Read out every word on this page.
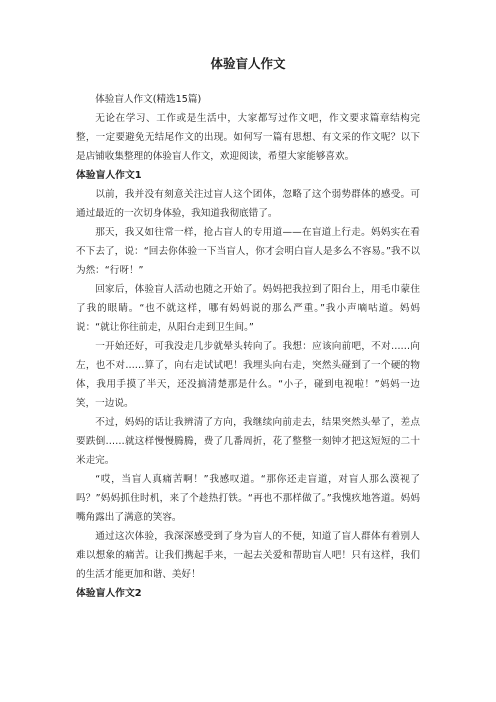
体验盲人作文

体验盲人作文(精选15篇)

无论在学习、工作或是生活中，大家都写过作文吧，作文要求篇章结构完整，一定要避免无结尾作文的出现。如何写一篇有思想、有文采的作文呢？以下是店铺收集整理的体验盲人作文，欢迎阅读，希望大家能够喜欢。

体验盲人作文1

以前，我并没有刻意关注过盲人这个团体，忽略了这个弱势群体的感受。可通过最近的一次切身体验，我知道我彻底错了。

那天，我又如往常一样，抢占盲人的专用道——在盲道上行走。妈妈实在看不下去了，说：“回去你体验一下当盲人，你才会明白盲人是多么不容易。”我不以为然：“行呀！”

回家后，体验盲人活动也随之开始了。妈妈把我拉到了阳台上，用毛巾蒙住了我的眼睛。“也不就这样，哪有妈妈说的那么严重。”我小声嘀咕道。妈妈说：“就让你往前走，从阳台走到卫生间。”

一开始还好，可我没走几步就晕头转向了。我想：应该向前吧，不对……向左，也不对……算了，向右走试试吧！我埋头向右走，突然头碰到了一个硬的物体，我用手摸了半天，还没搞清楚那是什么。“小子，碰到电视啦！”妈妈一边笑，一边说。

不过，妈妈的话让我辨清了方向，我继续向前走去，结果突然头晕了，差点要跌倒……就这样慢慢腾腾，费了几番周折，花了整整一刻钟才把这短短的二十米走完。

“哎，当盲人真痛苦啊！”我感叹道。“那你还走盲道，对盲人那么漠视了吗？”妈妈抓住时机，来了个趁热打铁。“再也不那样做了。”我愧疚地答道。妈妈嘴角露出了满意的笑容。

通过这次体验，我深深感受到了身为盲人的不便，知道了盲人群体有着别人难以想象的痛苦。让我们携起手来，一起去关爱和帮助盲人吧！只有这样，我们的生活才能更加和谐、美好！

体验盲人作文2
